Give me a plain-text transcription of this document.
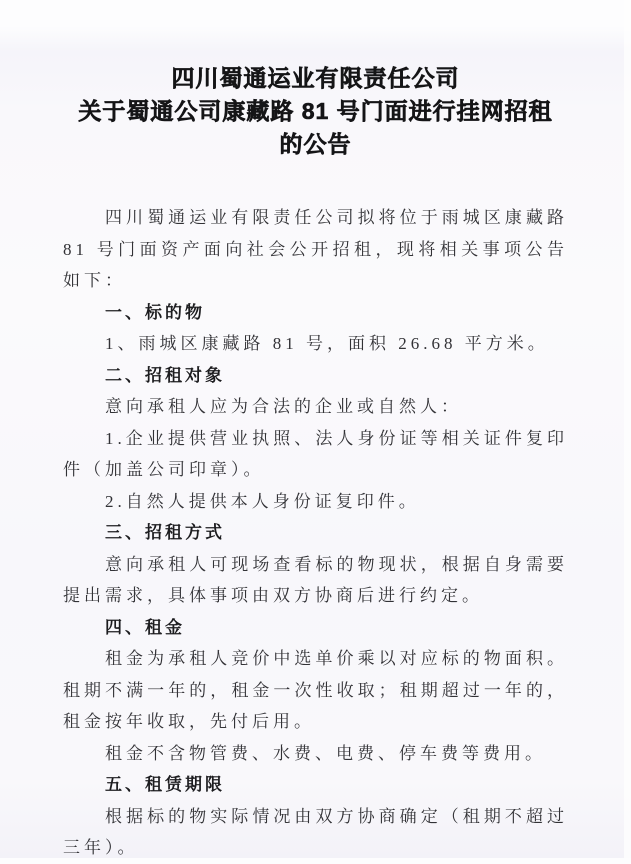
四川蜀通运业有限责任公司
关于蜀通公司康藏路 81 号门面进行挂网招租的公告

四川蜀通运业有限责任公司拟将位于雨城区康藏路 81 号门面资产面向社会公开招租，现将相关事项公告如下：

一、标的物

1、雨城区康藏路 81 号，面积 26.68 平方米。

二、招租对象

意向承租人应为合法的企业或自然人：

1.企业提供营业执照、法人身份证等相关证件复印件（加盖公司印章）。

2.自然人提供本人身份证复印件。

三、招租方式

意向承租人可现场查看标的物现状，根据自身需要提出需求，具体事项由双方协商后进行约定。

四、租金

租金为承租人竞价中选单价乘以对应标的物面积。租期不满一年的，租金一次性收取；租期超过一年的，租金按年收取，先付后用。

租金不含物管费、水费、电费、停车费等费用。

五、租赁期限

根据标的物实际情况由双方协商确定（租期不超过三年）。
